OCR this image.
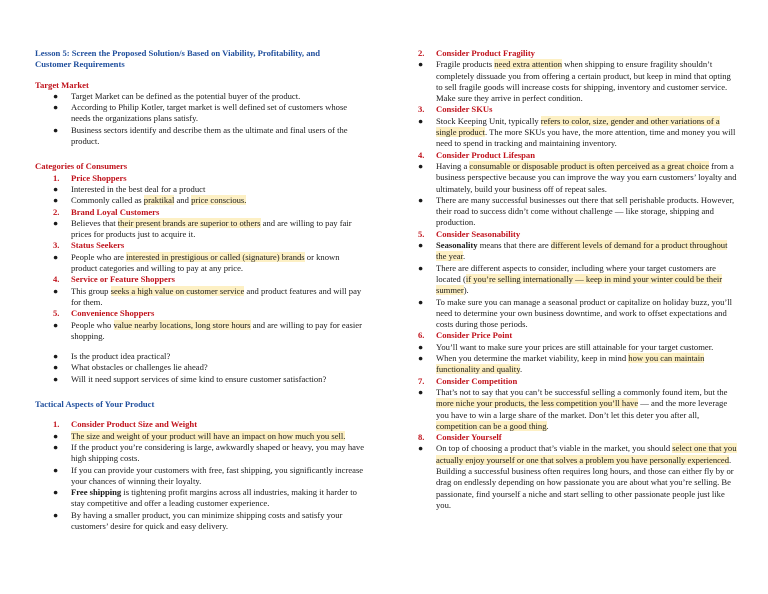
Lesson 5: Screen the Proposed Solution/s Based on Viability, Profitability, and
Customer Requirements
Target Market
●	Target Market can be defined as the potential buyer of the product.
●	According to Philip Kotler, target market is well defined set of customers whose needs the organizations plans satisfy.
●	Business sectors identify and describe them as the ultimate and final users of the product.
Categories of Consumers
1.	Price Shoppers
●	Interested in the best deal for a product
●	Commonly called as praktikal and price conscious.
2.	Brand Loyal Customers
●	Believes that their present brands are superior to others and are willing to pay fair prices for products just to acquire it.
3.	Status Seekers
●	People who are interested in prestigious or called (signature) brands or known product categories and willing to pay at any price.
4.	Service or Feature Shoppers
●	This group seeks a high value on customer service and product features and will pay for them.
5.	Convenience Shoppers
●	People who value nearby locations, long store hours and are willing to pay for easier shopping.
●	Is the product idea practical?
●	What obstacles or challenges lie ahead?
●	Will it need support services of sime kind to ensure customer satisfaction?
Tactical Aspects of Your Product
1.	Consider Product Size and Weight
●	The size and weight of your product will have an impact on how much you sell.
●	If the product you’re considering is large, awkwardly shaped or heavy, you may have high shipping costs.
●	If you can provide your customers with free, fast shipping, you significantly increase your chances of winning their loyalty.
●	Free shipping is tightening profit margins across all industries, making it harder to stay competitive and offer a leading customer experience.
●	By having a smaller product, you can minimize shipping costs and satisfy your customers’ desire for quick and easy delivery.
2.	Consider Product Fragility
●	Fragile products need extra attention when shipping to ensure fragility shouldn’t completely dissuade you from offering a certain product, but keep in mind that opting to sell fragile goods will increase costs for shipping, inventory and customer service. Make sure they arrive in perfect condition.
3.	Consider SKUs
●	Stock Keeping Unit, typically refers to color, size, gender and other variations of a single product. The more SKUs you have, the more attention, time and money you will need to spend in tracking and maintaining inventory.
4.	Consider Product Lifespan
●	Having a consumable or disposable product is often perceived as a great choice from a business perspective because you can improve the way you earn customers’ loyalty and ultimately, build your business off of repeat sales.
●	There are many successful businesses out there that sell perishable products. However, their road to success didn’t come without challenge — like storage, shipping and production.
5.	Consider Seasonability
●	Seasonality means that there are different levels of demand for a product throughout the year.
●	There are different aspects to consider, including where your target customers are located (if you’re selling internationally — keep in mind your winter could be their summer).
●	To make sure you can manage a seasonal product or capitalize on holiday buzz, you’ll need to determine your own business downtime, and work to offset expectations and costs during those periods.
6.	Consider Price Point
●	You’ll want to make sure your prices are still attainable for your target customer.
●	When you determine the market viability, keep in mind how you can maintain functionality and quality.
7.	Consider Competition
●	That’s not to say that you can’t be successful selling a commonly found item, but the more niche your products, the less competition you’ll have — and the more leverage you have to win a large share of the market. Don’t let this deter you after all, competition can be a good thing.
8.	Consider Yourself
●	On top of choosing a product that’s viable in the market, you should select one that you actually enjoy yourself or one that solves a problem you have personally experienced. Building a successful business often requires long hours, and those can either fly by or drag on endlessly depending on how passionate you are about what you’re selling. Be passionate, find yourself a niche and start selling to other passionate people just like you.
